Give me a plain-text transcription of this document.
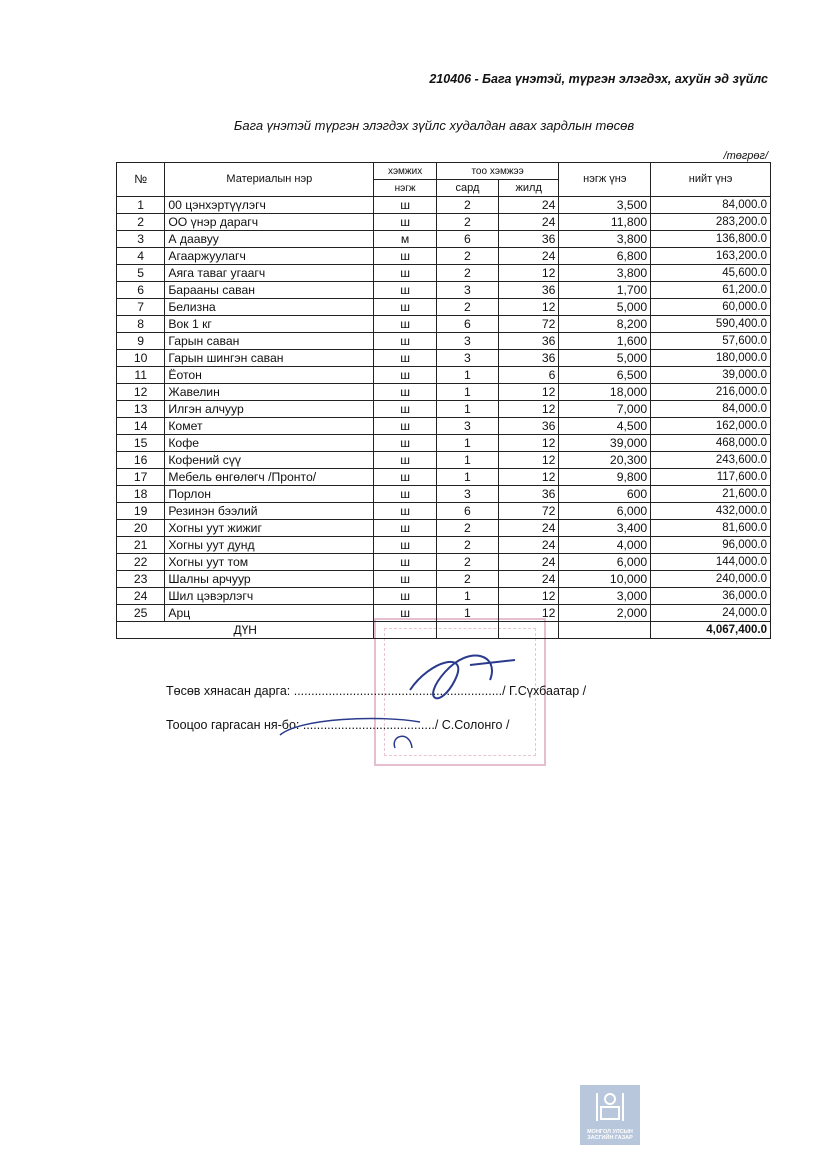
210406 - Бага үнэтэй, түргэн элэгдэх, ахуйн эд зүйлс
Бага үнэтэй түргэн элэгдэх зүйлс худалдан авах зардлын төсөв
/төгрөг/
№	Материалын нэр	хэмжих	тоо хэмжээ		нэгж үнэ	нийт үнэ
		нэгж	сард	жилд		
1	00 цэнхэртүүлэгч	ш	2	24	3,500	84,000.0
2	ОО үнэр дарагч	ш	2	24	11,800	283,200.0
3	А даавуу	м	6	36	3,800	136,800.0
4	Агааржуулагч	ш	2	24	6,800	163,200.0
5	Аяга таваг угаагч	ш	2	12	3,800	45,600.0
6	Барааны саван	ш	3	36	1,700	61,200.0
7	Белизна	ш	2	12	5,000	60,000.0
8	Вок 1 кг	ш	6	72	8,200	590,400.0
9	Гарын саван	ш	3	36	1,600	57,600.0
10	Гарын шингэн саван	ш	3	36	5,000	180,000.0
11	Ёотон	ш	1	6	6,500	39,000.0
12	Жавелин	ш	1	12	18,000	216,000.0
13	Илгэн алчуур	ш	1	12	7,000	84,000.0
14	Комет	ш	3	36	4,500	162,000.0
15	Кофе	ш	1	12	39,000	468,000.0
16	Кофений сүү	ш	1	12	20,300	243,600.0
17	Мебель өнгөлөгч /Пронто/	ш	1	12	9,800	117,600.0
18	Порлон	ш	3	36	600	21,600.0
19	Резинэн бээлий	ш	6	72	6,000	432,000.0
20	Хогны уут жижиг	ш	2	24	3,400	81,600.0
21	Хогны уут дунд	ш	2	24	4,000	96,000.0
22	Хогны уут том	ш	2	24	6,000	144,000.0
23	Шалны арчуур	ш	2	24	10,000	240,000.0
24	Шил цэвэрлэгч	ш	1	12	3,000	36,000.0
25	Арц	ш	1	12	2,000	24,000.0
ДҮН						4,067,400.0
Төсөв хянасан дарга: ............................................................/ Г.Сүхбаатар /
Тооцоо гаргасан ня-бо: ....................................../ С.Солонго /
МОНГОЛ УЛСЫН
ЗАСГИЙН ГАЗАР
